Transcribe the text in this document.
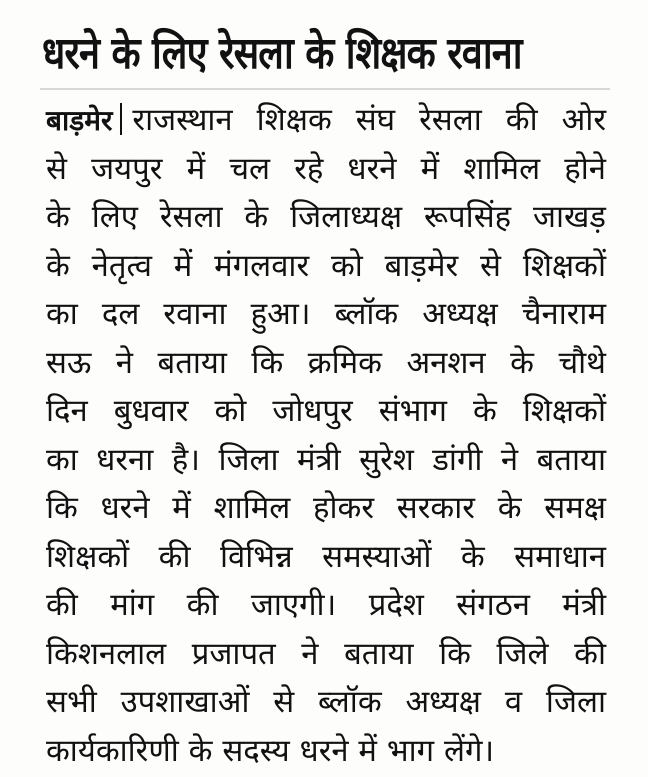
धरने के लिए रेसला के शिक्षक रवाना
बाड़मेर राजस्थान शिक्षक संघ रेसला की ओर
से जयपुर में चल रहे धरने में शामिल होने
के लिए रेसला के जिलाध्यक्ष रूपसिंह जाखड़
के नेतृत्व में मंगलवार को बाड़मेर से शिक्षकों
का दल रवाना हुआ। ब्लॉक अध्यक्ष चैनाराम
सऊ ने बताया कि क्रमिक अनशन के चौथे
दिन बुधवार को जोधपुर संभाग के शिक्षकों
का धरना है। जिला मंत्री सुरेश डांगी ने बताया
कि धरने में शामिल होकर सरकार के समक्ष
शिक्षकों की विभिन्न समस्याओं के समाधान
की मांग की जाएगी। प्रदेश संगठन मंत्री
किशनलाल प्रजापत ने बताया कि जिले की
सभी उपशाखाओं से ब्लॉक अध्यक्ष व जिला
कार्यकारिणी के सदस्य धरने में भाग लेंगे।
